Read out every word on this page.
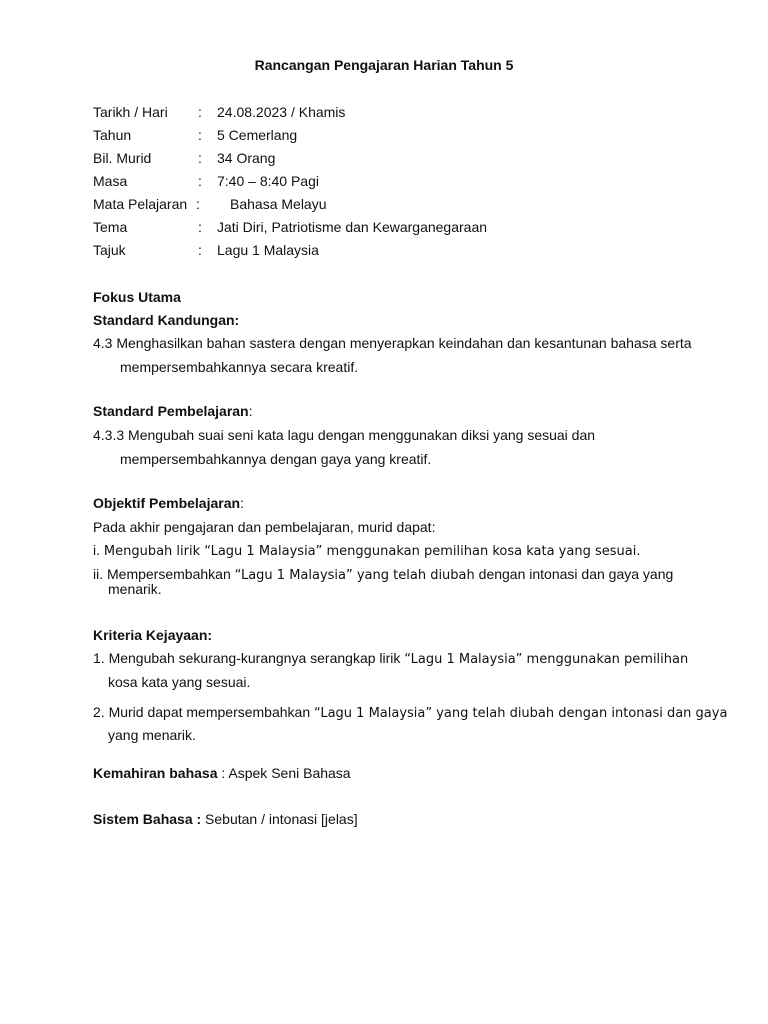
Rancangan Pengajaran Harian Tahun 5
Tarikh / Hari : 24.08.2023 / Khamis
Tahun	: 5 Cemerlang
Bil. Murid	: 34 Orang
Masa	: 7:40 – 8:40 Pagi
Mata Pelajaran : Bahasa Melayu
Tema	: Jati Diri, Patriotisme dan Kewarganegaraan
Tajuk	: Lagu 1 Malaysia
Fokus Utama
Standard Kandungan:
4.3 Menghasilkan bahan sastera dengan menyerapkan keindahan dan kesantunan bahasa serta
mempersembahkannya secara kreatif.
Standard Pembelajaran:
4.3.3 Mengubah suai seni kata lagu dengan menggunakan diksi yang sesuai dan
mempersembahkannya dengan gaya yang kreatif.
Objektif Pembelajaran:
Pada akhir pengajaran dan pembelajaran, murid dapat:
i. Mengubah lirik “Lagu 1 Malaysia” menggunakan pemilihan kosa kata yang sesuai.
ii. Mempersembahkan “Lagu 1 Malaysia” yang telah diubah dengan intonasi dan gaya yang
menarik.
Kriteria Kejayaan:
1. Mengubah sekurang-kurangnya serangkap lirik “Lagu 1 Malaysia” menggunakan pemilihan
kosa kata yang sesuai.
2. Murid dapat mempersembahkan “Lagu 1 Malaysia” yang telah diubah dengan intonasi dan gaya
yang menarik.
Kemahiran bahasa : Aspek Seni Bahasa
Sistem Bahasa : Sebutan / intonasi [jelas]
